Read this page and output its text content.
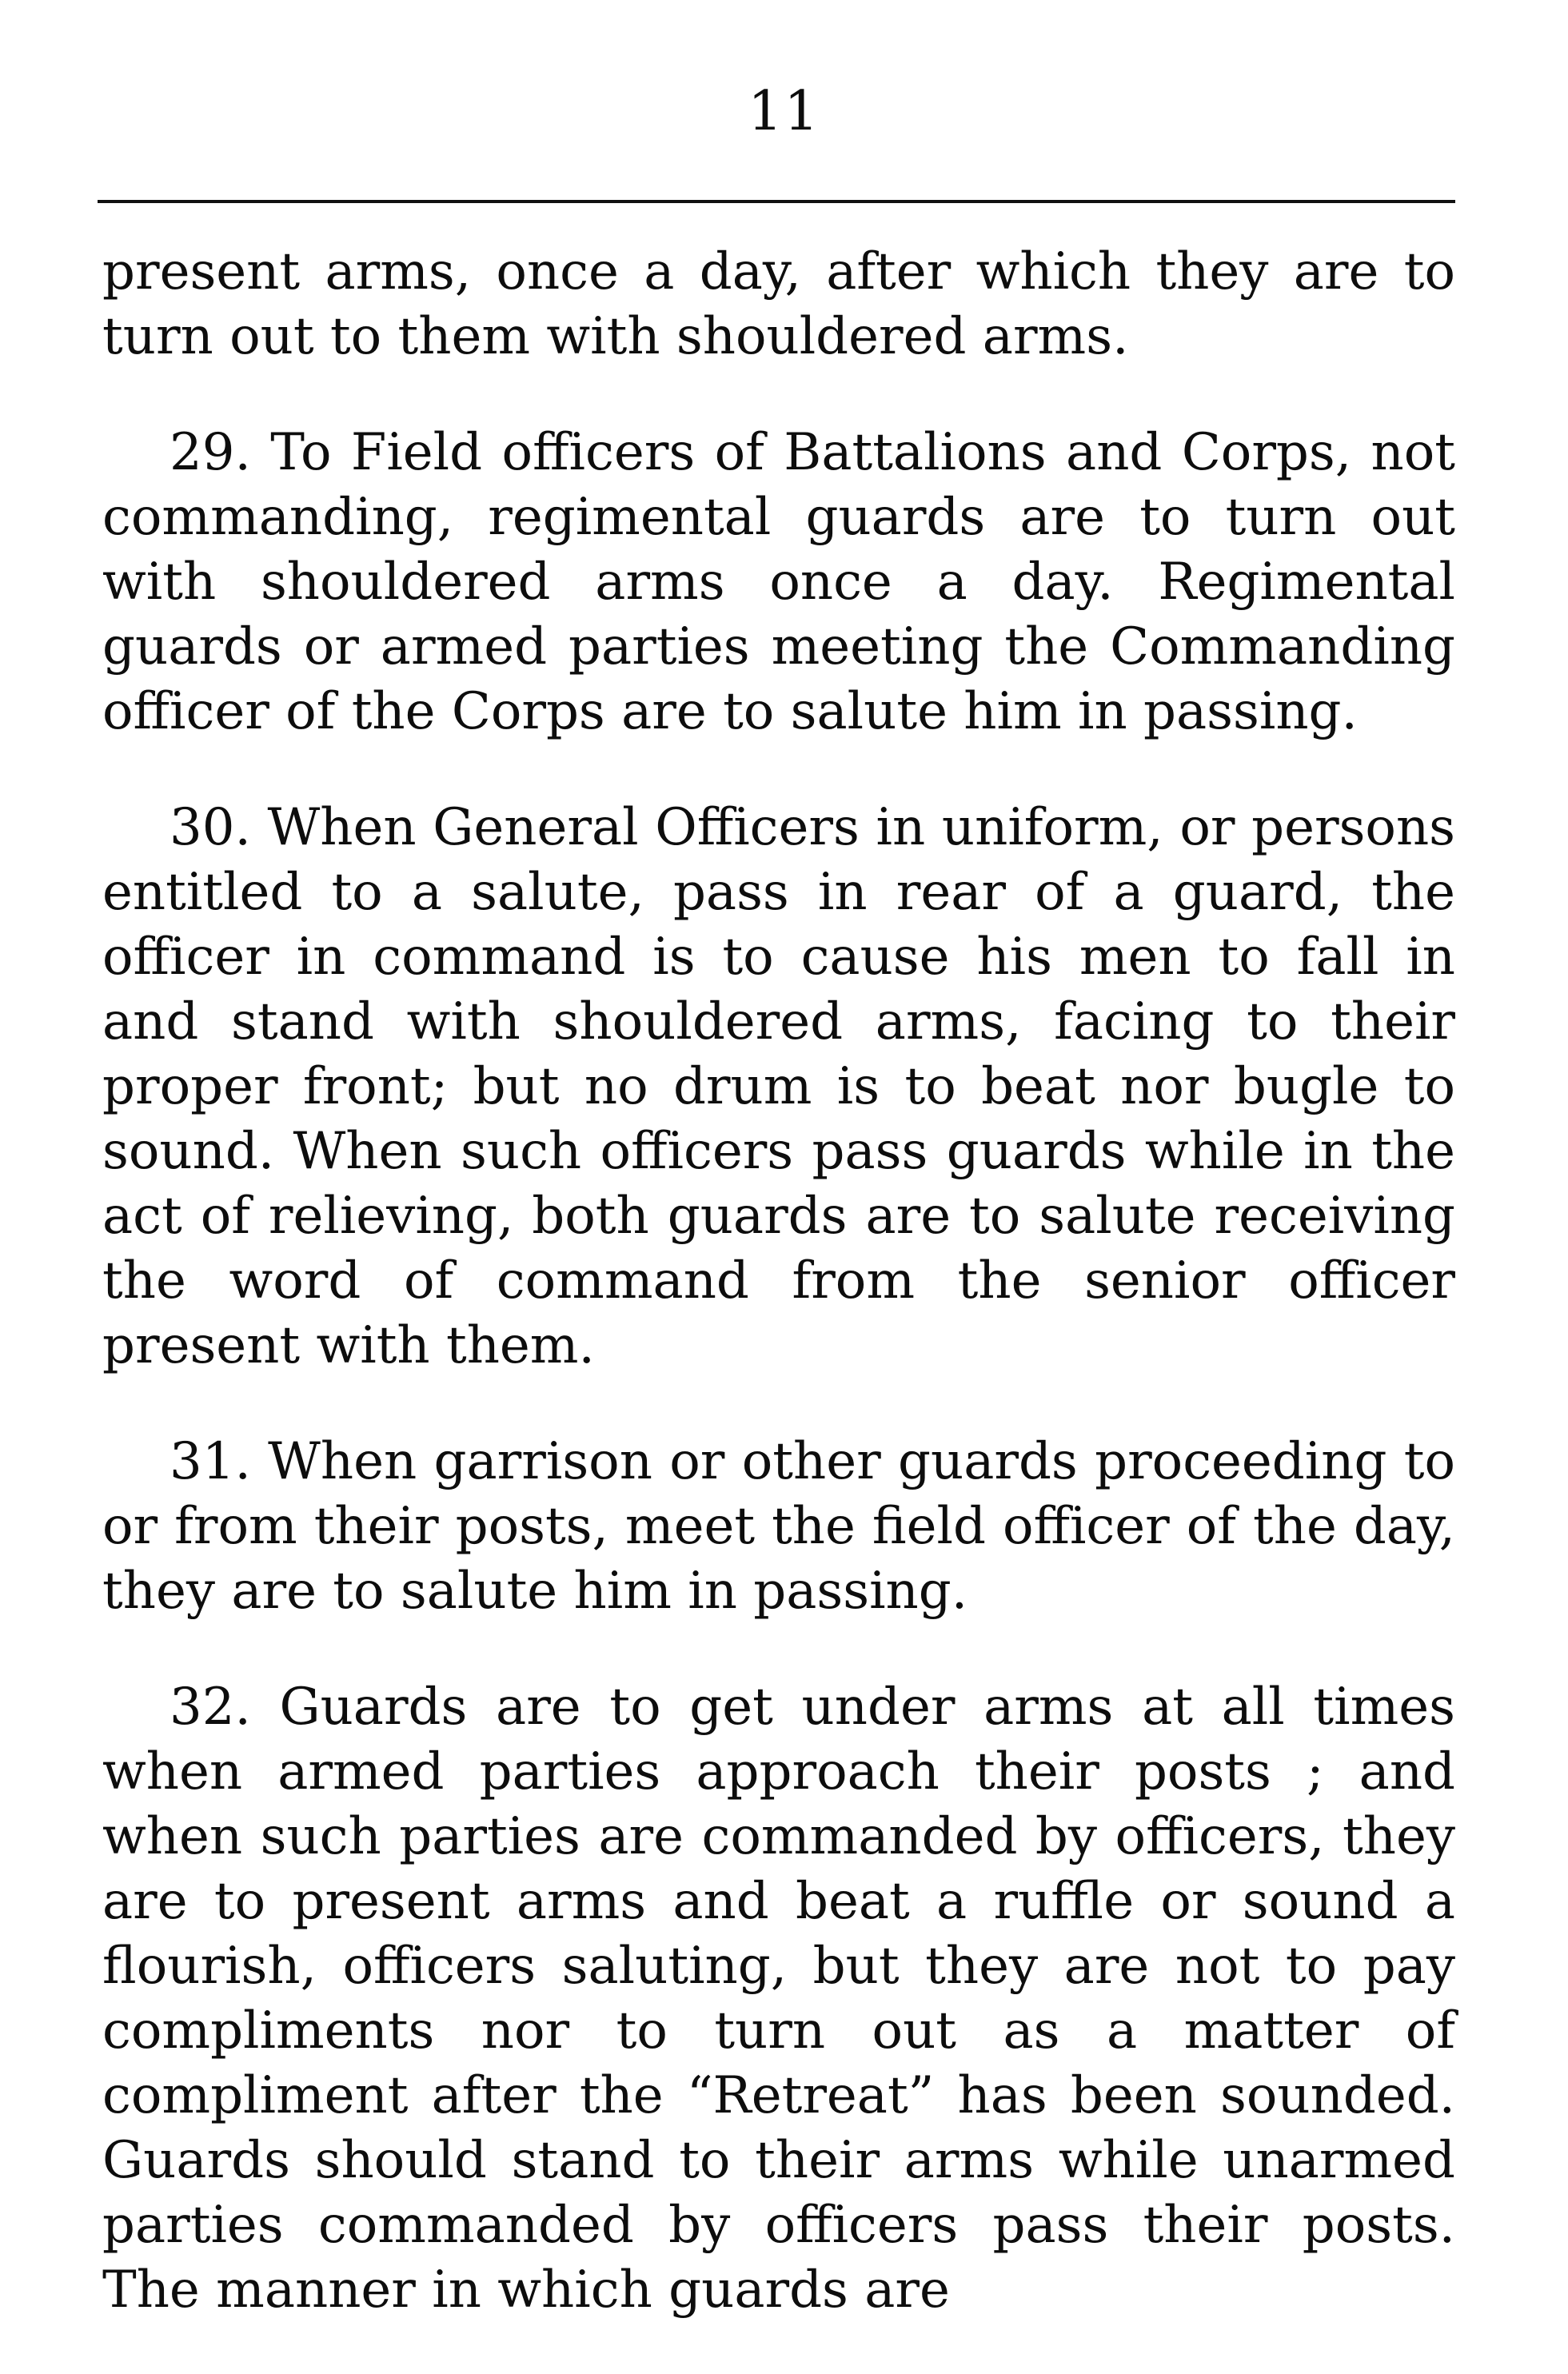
11

present arms, once a day, after which they are to turn out to them with shouldered arms.

29. To Field officers of Battalions and Corps, not commanding, regimental guards are to turn out with shouldered arms once a day. Regimental guards or armed parties meeting the Commanding officer of the Corps are to salute him in passing.

30. When General Officers in uniform, or persons entitled to a salute, pass in rear of a guard, the officer in command is to cause his men to fall in and stand with shouldered arms, facing to their proper front; but no drum is to beat nor bugle to sound. When such officers pass guards while in the act of relieving, both guards are to salute receiving the word of command from the senior officer present with them.

31. When garrison or other guards proceeding to or from their posts, meet the field officer of the day, they are to salute him in passing.

32. Guards are to get under arms at all times when armed parties approach their posts ; and when such parties are commanded by officers, they are to present arms and beat a ruffle or sound a flourish, officers saluting, but they are not to pay compliments nor to turn out as a matter of compliment after the “Retreat” has been sounded. Guards should stand to their arms while unarmed parties commanded by officers pass their posts. The manner in which guards are
